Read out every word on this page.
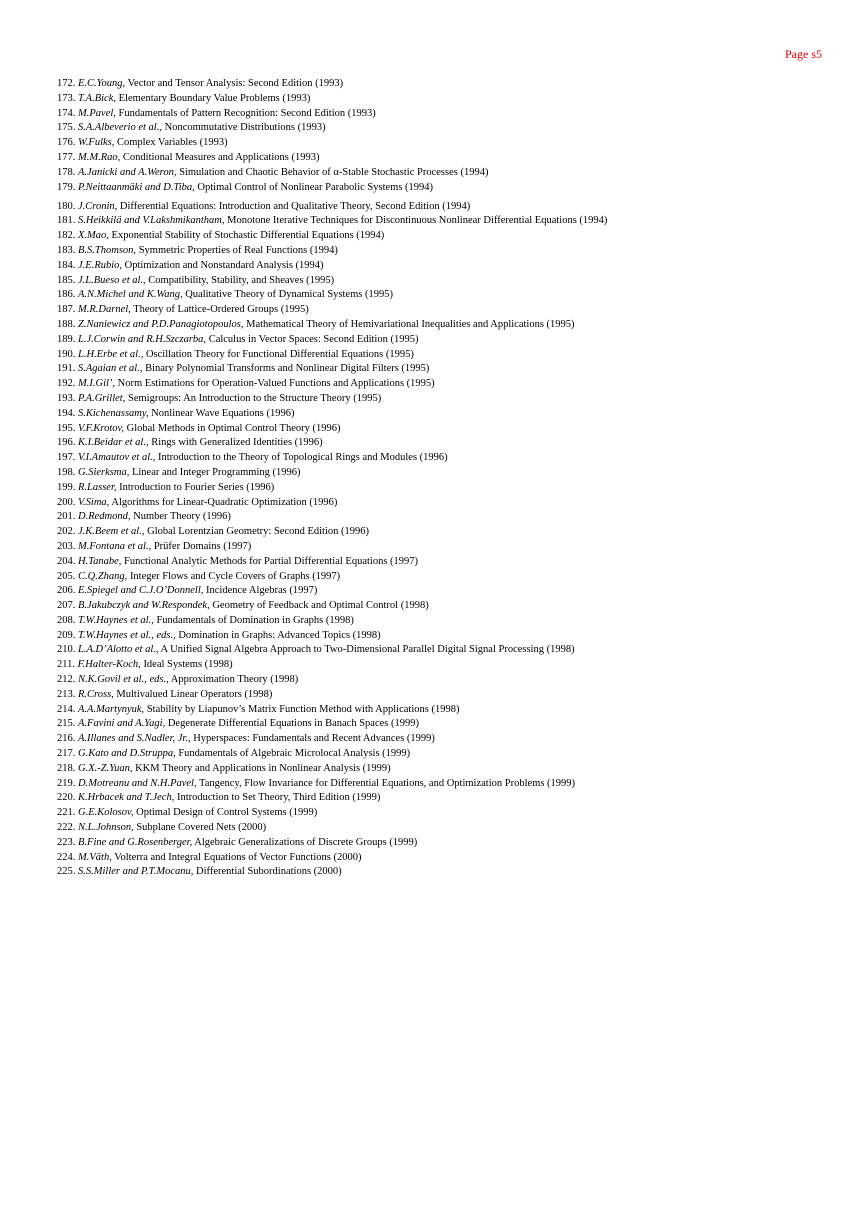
Page s5
172. E.C.Young, Vector and Tensor Analysis: Second Edition (1993)
173. T.A.Bick, Elementary Boundary Value Problems (1993)
174. M.Pavel, Fundamentals of Pattern Recognition: Second Edition (1993)
175. S.A.Albeverio et al., Noncommutative Distributions (1993)
176. W.Fulks, Complex Variables (1993)
177. M.M.Rao, Conditional Measures and Applications (1993)
178. A.Janicki and A.Weron, Simulation and Chaotic Behavior of α-Stable Stochastic Processes (1994)
179. P.Neittaanmäki and D.Tiba, Optimal Control of Nonlinear Parabolic Systems (1994)
180. J.Cronin, Differential Equations: Introduction and Qualitative Theory, Second Edition (1994)
181. S.Heikkilä and V.Lakshmikantham, Monotone Iterative Techniques for Discontinuous Nonlinear Differential Equations (1994)
182. X.Mao, Exponential Stability of Stochastic Differential Equations (1994)
183. B.S.Thomson, Symmetric Properties of Real Functions (1994)
184. J.E.Rubio, Optimization and Nonstandard Analysis (1994)
185. J.L.Bueso et al., Compatibility, Stability, and Sheaves (1995)
186. A.N.Michel and K.Wang, Qualitative Theory of Dynamical Systems (1995)
187. M.R.Darnel, Theory of Lattice-Ordered Groups (1995)
188. Z.Naniewicz and P.D.Panagiotopoulos, Mathematical Theory of Hemivariational Inequalities and Applications (1995)
189. L.J.Corwin and R.H.Szczarba, Calculus in Vector Spaces: Second Edition (1995)
190. L.H.Erbe et al., Oscillation Theory for Functional Differential Equations (1995)
191. S.Agaian et al., Binary Polynomial Transforms and Nonlinear Digital Filters (1995)
192. M.I.Gil’, Norm Estimations for Operation-Valued Functions and Applications (1995)
193. P.A.Grillet, Semigroups: An Introduction to the Structure Theory (1995)
194. S.Kichenassamy, Nonlinear Wave Equations (1996)
195. V.F.Krotov, Global Methods in Optimal Control Theory (1996)
196. K.I.Beidar et al., Rings with Generalized Identities (1996)
197. V.I.Amautov et al., Introduction to the Theory of Topological Rings and Modules (1996)
198. G.Sierksma, Linear and Integer Programming (1996)
199. R.Lasser, Introduction to Fourier Series (1996)
200. V.Sima, Algorithms for Linear-Quadratic Optimization (1996)
201. D.Redmond, Number Theory (1996)
202. J.K.Beem et al., Global Lorentzian Geometry: Second Edition (1996)
203. M.Fontana et al., Prüfer Domains (1997)
204. H.Tanabe, Functional Analytic Methods for Partial Differential Equations (1997)
205. C.Q.Zhang, Integer Flows and Cycle Covers of Graphs (1997)
206. E.Spiegel and C.J.O’Donnell, Incidence Algebras (1997)
207. B.Jakubczyk and W.Respondek, Geometry of Feedback and Optimal Control (1998)
208. T.W.Haynes et al., Fundamentals of Domination in Graphs (1998)
209. T.W.Haynes et al., eds., Domination in Graphs: Advanced Topics (1998)
210. L.A.D’Alotto et al., A Unified Signal Algebra Approach to Two-Dimensional Parallel Digital Signal Processing (1998)
211. F.Halter-Koch, Ideal Systems (1998)
212. N.K.Govil et al., eds., Approximation Theory (1998)
213. R.Cross, Multivalued Linear Operators (1998)
214. A.A.Martynyuk, Stability by Liapunov’s Matrix Function Method with Applications (1998)
215. A.Favini and A.Yagi, Degenerate Differential Equations in Banach Spaces (1999)
216. A.Illanes and S.Nadler, Jr., Hyperspaces: Fundamentals and Recent Advances (1999)
217. G.Kato and D.Struppa, Fundamentals of Algebraic Microlocal Analysis (1999)
218. G.X.-Z.Yuan, KKM Theory and Applications in Nonlinear Analysis (1999)
219. D.Motreanu and N.H.Pavel, Tangency, Flow Invariance for Differential Equations, and Optimization Problems (1999)
220. K.Hrbacek and T.Jech, Introduction to Set Theory, Third Edition (1999)
221. G.E.Kolosov, Optimal Design of Control Systems (1999)
222. N.L.Johnson, Subplane Covered Nets (2000)
223. B.Fine and G.Rosenberger, Algebraic Generalizations of Discrete Groups (1999)
224. M.Väth, Volterra and Integral Equations of Vector Functions (2000)
225. S.S.Miller and P.T.Mocanu, Differential Subordinations (2000)
